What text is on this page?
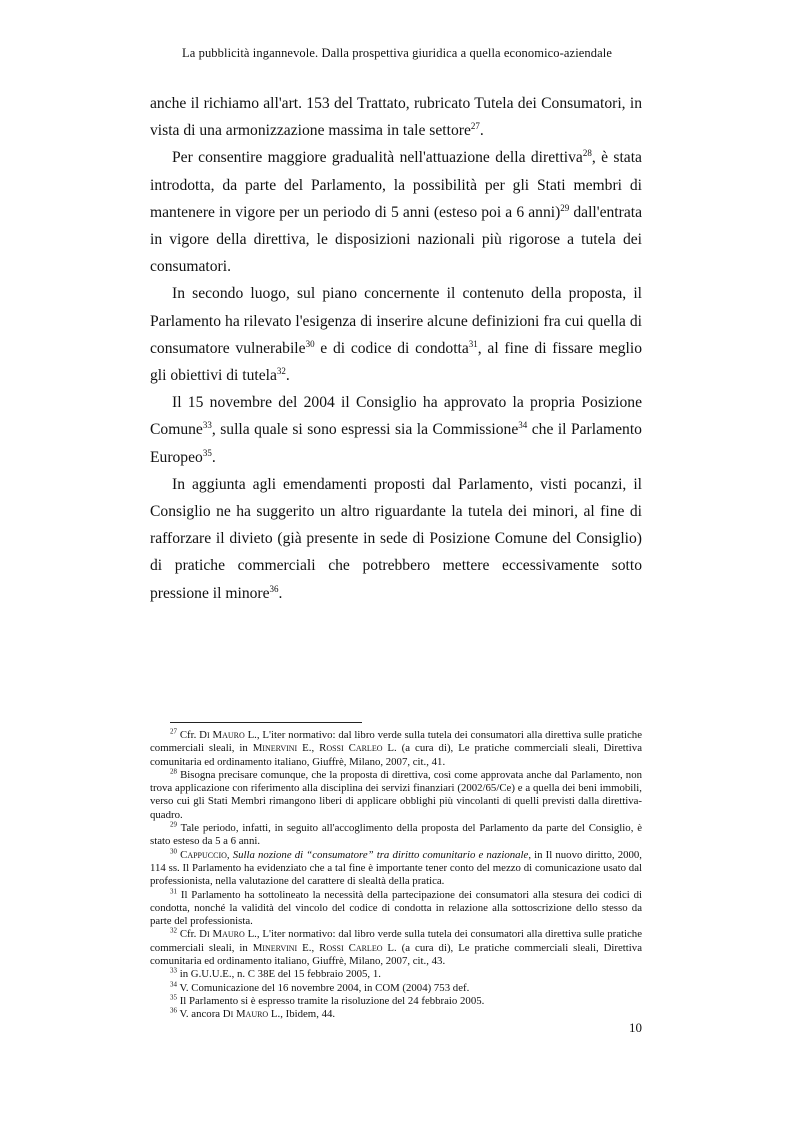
La pubblicità ingannevole. Dalla prospettiva giuridica a quella economico-aziendale

anche il richiamo all'art. 153 del Trattato, rubricato Tutela dei Consumatori, in vista di una armonizzazione massima in tale settore$^{27}$.

Per consentire maggiore gradualità nell'attuazione della direttiva$^{28}$, è stata introdotta, da parte del Parlamento, la possibilità per gli Stati membri di mantenere in vigore per un periodo di 5 anni (esteso poi a 6 anni)$^{29}$ dall'entrata in vigore della direttiva, le disposizioni nazionali più rigorose a tutela dei consumatori.

In secondo luogo, sul piano concernente il contenuto della proposta, il Parlamento ha rilevato l'esigenza di inserire alcune definizioni fra cui quella di consumatore vulnerabile$^{30}$ e di codice di condotta$^{31}$, al fine di fissare meglio gli obiettivi di tutela$^{32}$.

Il 15 novembre del 2004 il Consiglio ha approvato la propria Posizione Comune$^{33}$, sulla quale si sono espressi sia la Commissione$^{34}$ che il Parlamento Europeo$^{35}$.

In aggiunta agli emendamenti proposti dal Parlamento, visti pocanzi, il Consiglio ne ha suggerito un altro riguardante la tutela dei minori, al fine di rafforzare il divieto (già presente in sede di Posizione Comune del Consiglio) di pratiche commerciali che potrebbero mettere eccessivamente sotto pressione il minore$^{36}$.

$^{27}$ Cfr. Di Mauro L., L'iter normativo: dal libro verde sulla tutela dei consumatori alla direttiva sulle pratiche commerciali sleali, in Minervini E., Rossi Carleo L. (a cura di), Le pratiche commerciali sleali, Direttiva comunitaria ed ordinamento italiano, Giuffrè, Milano, 2007, cit., 41.

$^{28}$ Bisogna precisare comunque, che la proposta di direttiva, così come approvata anche dal Parlamento, non trova applicazione con riferimento alla disciplina dei servizi finanziari (2002/65/Ce) e a quella dei beni immobili, verso cui gli Stati Membri rimangono liberi di applicare obblighi più vincolanti di quelli previsti dalla direttiva-quadro.

$^{29}$ Tale periodo, infatti, in seguito all'accoglimento della proposta del Parlamento da parte del Consiglio, è stato esteso da 5 a 6 anni.

$^{30}$ Cappuccio, Sulla nozione di “consumatore” tra diritto comunitario e nazionale, in Il nuovo diritto, 2000, 114 ss. Il Parlamento ha evidenziato che a tal fine è importante tener conto del mezzo di comunicazione usato dal professionista, nella valutazione del carattere di slealtà della pratica.

$^{31}$ Il Parlamento ha sottolineato la necessità della partecipazione dei consumatori alla stesura dei codici di condotta, nonché la validità del vincolo del codice di condotta in relazione alla sottoscrizione dello stesso da parte del professionista.

$^{32}$ Cfr. Di Mauro L., L'iter normativo: dal libro verde sulla tutela dei consumatori alla direttiva sulle pratiche commerciali sleali, in Minervini E., Rossi Carleo L. (a cura di), Le pratiche commerciali sleali, Direttiva comunitaria ed ordinamento italiano, Giuffrè, Milano, 2007, cit., 43.

$^{33}$ in G.U.U.E., n. C 38E del 15 febbraio 2005, 1.

$^{34}$ V. Comunicazione del 16 novembre 2004, in COM (2004) 753 def.

$^{35}$ Il Parlamento si è espresso tramite la risoluzione del 24 febbraio 2005.

$^{36}$ V. ancora Di Mauro L., Ibidem, 44.

10
